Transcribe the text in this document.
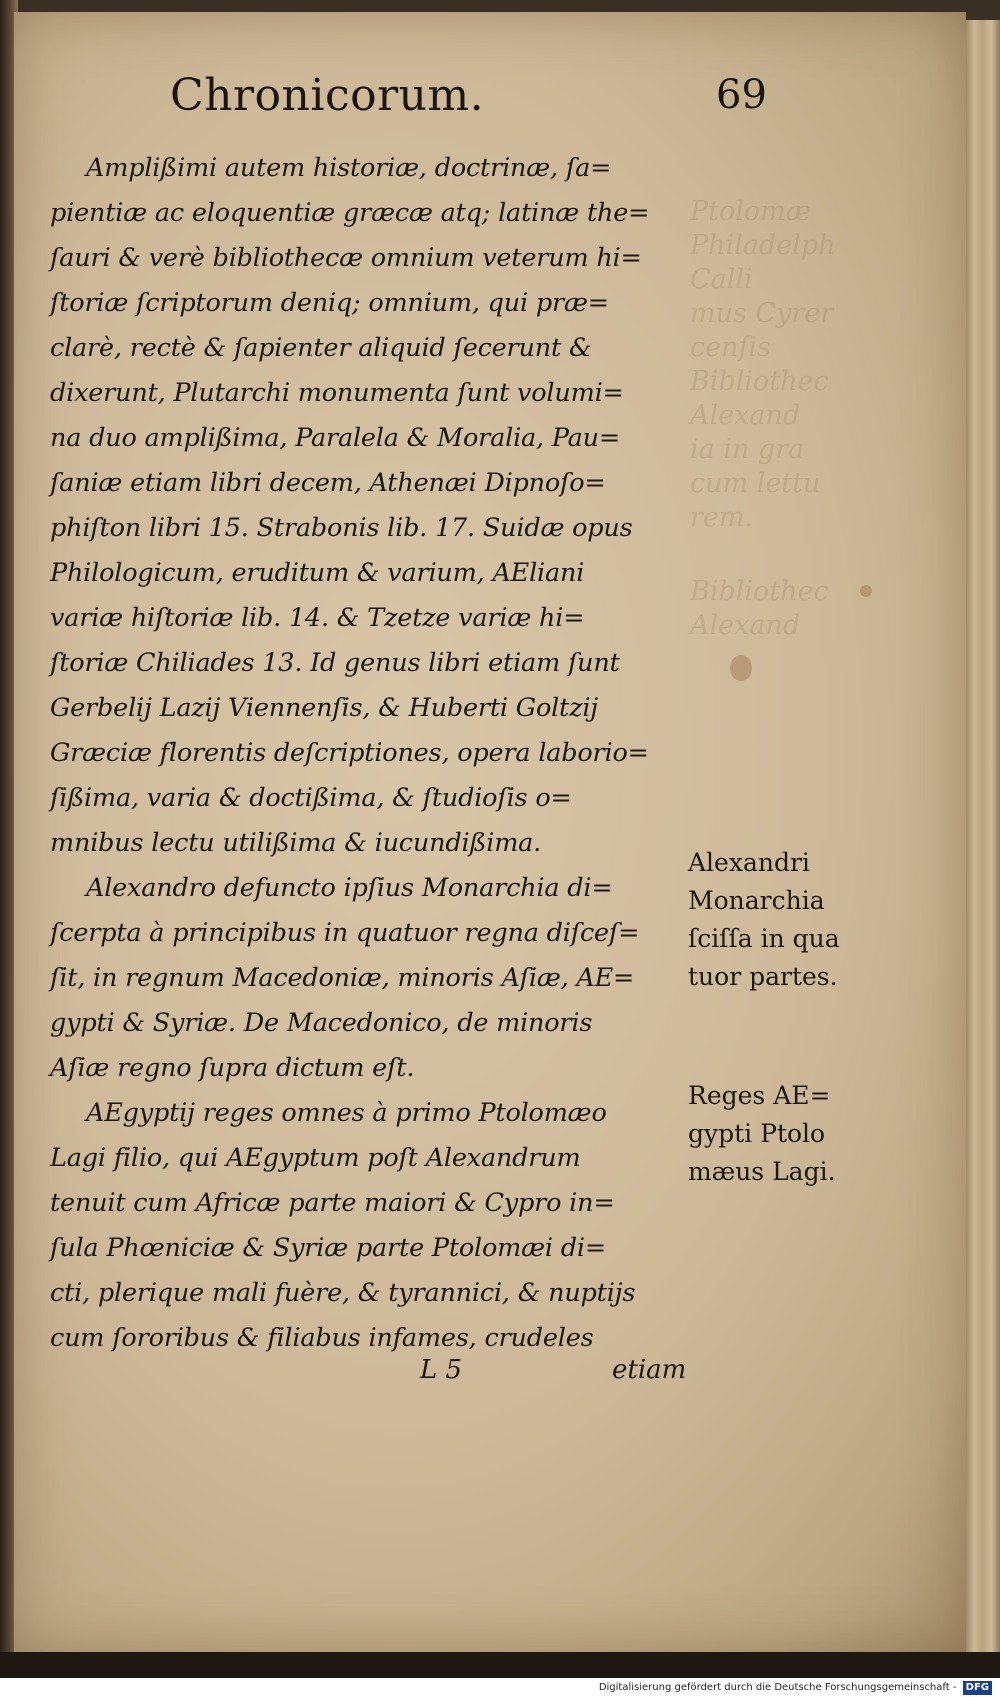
Ptolomæ
Philadelph
Calli
mus Cyrer
cenſis
Bibliothec
Alexand
ia in gra
cum lettu
rem.
Bibliothec
Alexand
Chronicorum.	69
Amplißimi autem historiæ, doctrinæ, ſa=
pientiæ ac eloquentiæ græcæ atq; latinæ the=
ſauri & verè bibliothecæ omnium veterum hi=
ſtoriæ ſcriptorum deniq; omnium, qui præ=
clarè, rectè & ſapienter aliquid ſecerunt &
dixerunt, Plutarchi monumenta ſunt volumi=
na duo amplißima, Paralela & Moralia, Pau=
ſaniæ etiam libri decem, Athenæi Dipnoſo=
phiſton libri 15. Strabonis lib. 17. Suidæ opus
Philologicum, eruditum & varium, AEliani
variæ hiſtoriæ lib. 14. & Tzetze variæ hi=
ſtoriæ Chiliades 13. Id genus libri etiam ſunt
Gerbelij Lazij Viennenſis, & Huberti Goltzij
Græciæ florentis deſcriptiones, opera laborio=
ſißima, varia & doctißima, & ſtudioſis o=
mnibus lectu utilißima & iucundißima.
Alexandro defuncto ipſius Monarchia di=
ſcerpta à principibus in quatuor regna diſceſ=
ſit, in regnum Macedoniæ, minoris Aſiæ, AE=
gypti & Syriæ. De Macedonico, de minoris
Aſiæ regno ſupra dictum eſt.
AEgyptij reges omnes à primo Ptolomæo
Lagi filio, qui AEgyptum poſt Alexandrum
tenuit cum Africæ parte maiori & Cypro in=
ſula Phœniciæ & Syriæ parte Ptolomæi di=
cti, plerique mali fuère, & tyrannici, & nuptijs
cum ſororibus & filiabus infames, crudeles
Alexandri
Monarchia
ſciſſa in qua
tuor partes.
Reges AE=
gypti Ptolo
mæus Lagi.
L 5	etiam
Digitalisierung gefördert durch die Deutsche Forschungsgemeinschaft - DFG
